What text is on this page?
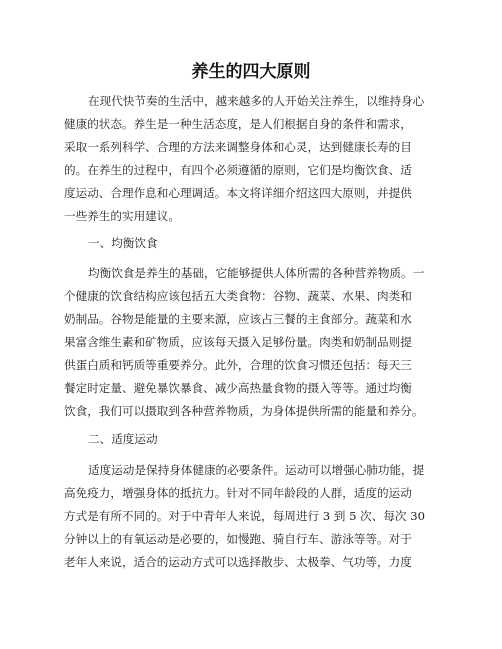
养生的四大原则
在现代快节奏的生活中，越来越多的人开始关注养生，以维持身心
健康的状态。养生是一种生活态度，是人们根据自身的条件和需求，
采取一系列科学、合理的方法来调整身体和心灵，达到健康长寿的目
的。在养生的过程中，有四个必须遵循的原则，它们是均衡饮食、适
度运动、合理作息和心理调适。本文将详细介绍这四大原则，并提供
一些养生的实用建议。
一、均衡饮食
均衡饮食是养生的基础，它能够提供人体所需的各种营养物质。一
个健康的饮食结构应该包括五大类食物：谷物、蔬菜、水果、肉类和
奶制品。谷物是能量的主要来源，应该占三餐的主食部分。蔬菜和水
果富含维生素和矿物质，应该每天摄入足够份量。肉类和奶制品则提
供蛋白质和钙质等重要养分。此外，合理的饮食习惯还包括：每天三
餐定时定量、避免暴饮暴食、减少高热量食物的摄入等等。通过均衡
饮食，我们可以摄取到各种营养物质，为身体提供所需的能量和养分。
二、适度运动
适度运动是保持身体健康的必要条件。运动可以增强心肺功能，提
高免疫力，增强身体的抵抗力。针对不同年龄段的人群，适度的运动
方式是有所不同的。对于中青年人来说，每周进行 3 到 5 次、每次 30
分钟以上的有氧运动是必要的，如慢跑、骑自行车、游泳等等。对于
老年人来说，适合的运动方式可以选择散步、太极拳、气功等，力度
